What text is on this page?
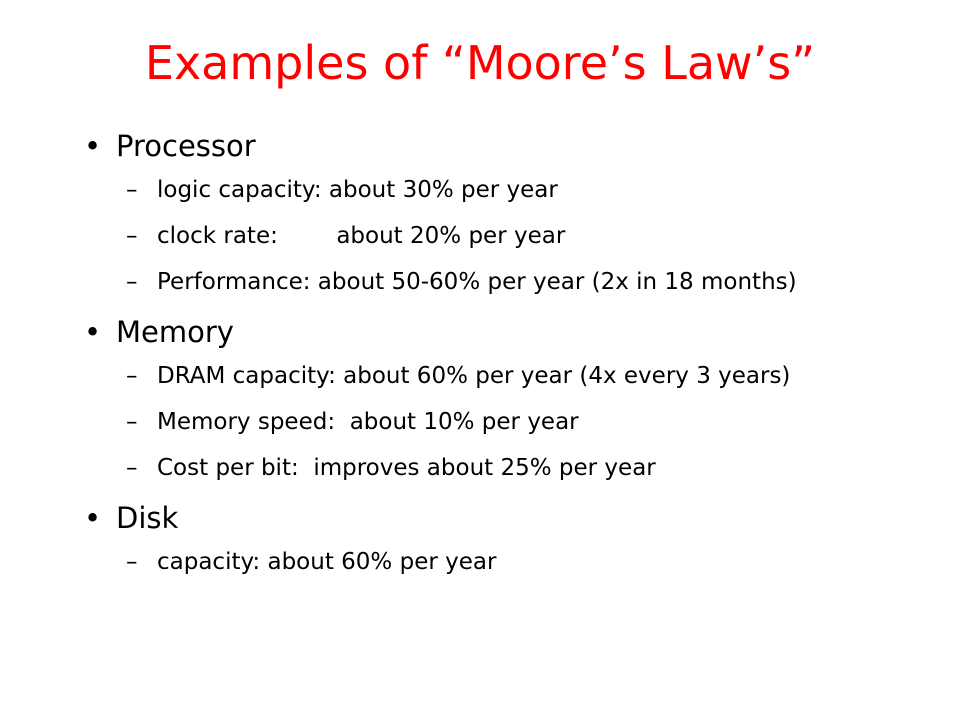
Examples of “Moore’s Law’s”
• Processor
– logic capacity: about 30% per year
– clock rate:        about 20% per year
– Performance: about 50-60% per year (2x in 18 months)
• Memory
– DRAM capacity: about 60% per year (4x every 3 years)
– Memory speed:  about 10% per year
– Cost per bit:  improves about 25% per year
• Disk
– capacity: about 60% per year
